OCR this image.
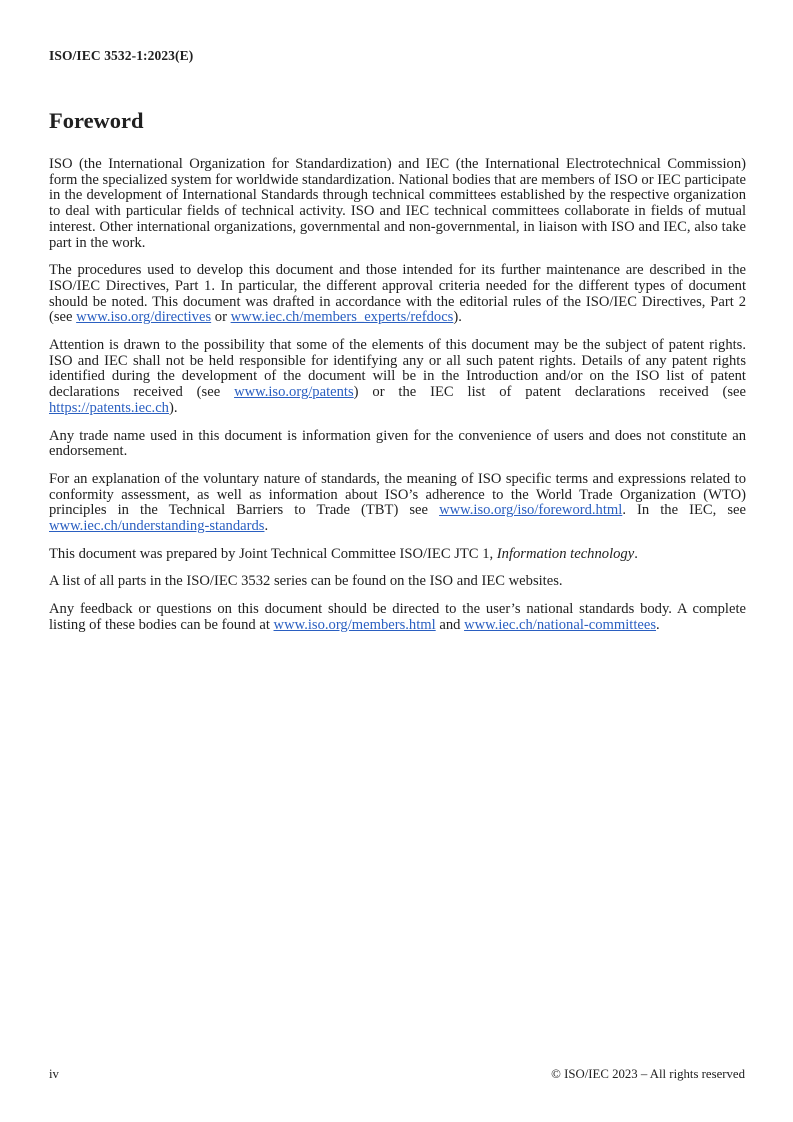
ISO/IEC 3532-1:2023(E)
Foreword

ISO (the International Organization for Standardization) and IEC (the International Electrotechnical Commission) form the specialized system for worldwide standardization. National bodies that are members of ISO or IEC participate in the development of International Standards through technical committees established by the respective organization to deal with particular fields of technical activity. ISO and IEC technical committees collaborate in fields of mutual interest. Other international organizations, governmental and non-governmental, in liaison with ISO and IEC, also take part in the work.

The procedures used to develop this document and those intended for its further maintenance are described in the ISO/IEC Directives, Part 1. In particular, the different approval criteria needed for the different types of document should be noted. This document was drafted in accordance with the editorial rules of the ISO/IEC Directives, Part 2 (see www.iso.org/directives or www.iec.ch/members_experts/refdocs).

Attention is drawn to the possibility that some of the elements of this document may be the subject of patent rights. ISO and IEC shall not be held responsible for identifying any or all such patent rights. Details of any patent rights identified during the development of the document will be in the Introduction and/or on the ISO list of patent declarations received (see www.iso.org/patents) or the IEC list of patent declarations received (see https://patents.iec.ch).

Any trade name used in this document is information given for the convenience of users and does not constitute an endorsement.

For an explanation of the voluntary nature of standards, the meaning of ISO specific terms and expressions related to conformity assessment, as well as information about ISO’s adherence to the World Trade Organization (WTO) principles in the Technical Barriers to Trade (TBT) see www.iso.org/iso/foreword.html. In the IEC, see www.iec.ch/understanding-standards.

This document was prepared by Joint Technical Committee ISO/IEC JTC 1, Information technology.

A list of all parts in the ISO/IEC 3532 series can be found on the ISO and IEC websites.

Any feedback or questions on this document should be directed to the user’s national standards body. A complete listing of these bodies can be found at www.iso.org/members.html and www.iec.ch/national-committees.

iv	© ISO/IEC 2023 – All rights reserved
